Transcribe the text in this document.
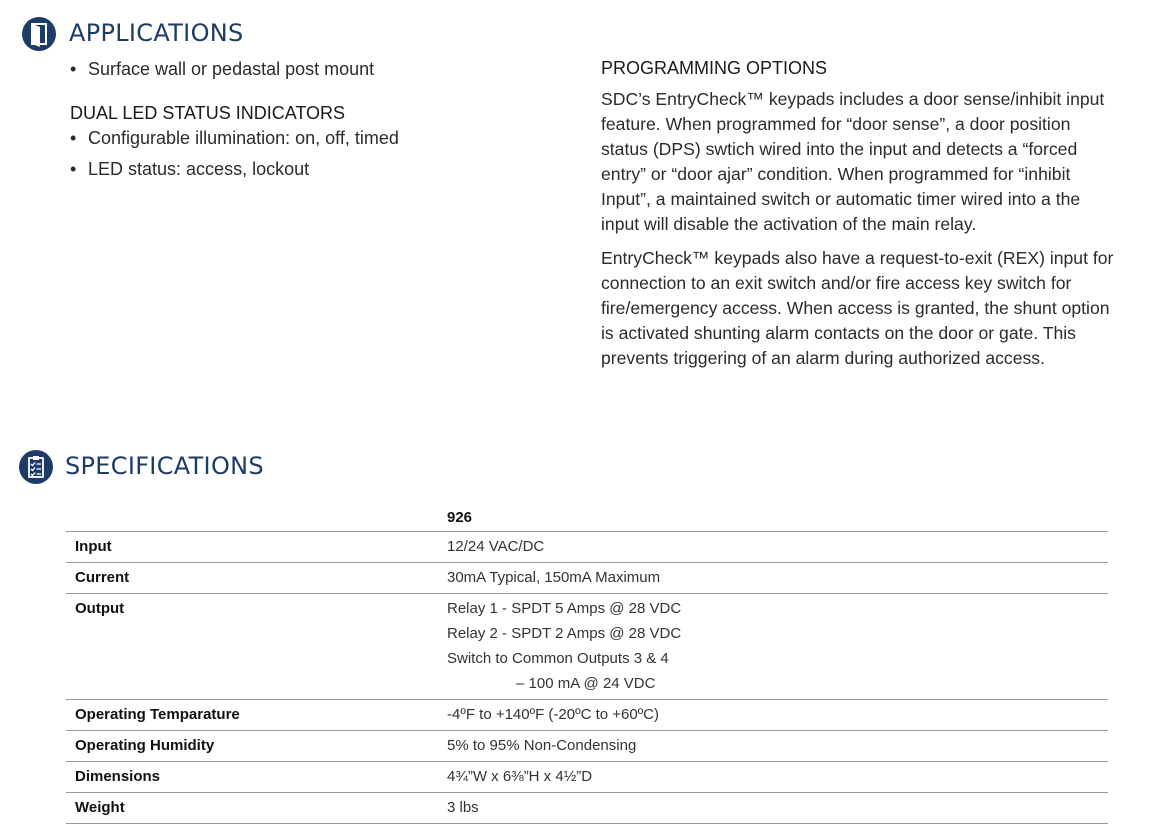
APPLICATIONS
• Surface wall or pedastal post mount
DUAL LED STATUS INDICATORS
• Configurable illumination: on, off, timed
• LED status: access, lockout
PROGRAMMING OPTIONS

SDC’s EntryCheck™ keypads includes a door sense/inhibit input feature. When programmed for “door sense”, a door position status (DPS) swtich wired into the input and detects a “forced entry” or “door ajar” condition. When programmed for “inhibit Input”, a maintained switch or automatic timer wired into a the input will disable the activation of the main relay.

EntryCheck™ keypads also have a request-to-exit (REX) input for connection to an exit switch and/or fire access key switch for fire/emergency access. When access is granted, the shunt option is activated shunting alarm contacts on the door or gate. This prevents triggering of an alarm during authorized access.

SPECIFICATIONS
	926
Input	12/24 VAC/DC

Current	30mA Typical, 150mA Maximum

Output	Relay 1 - SPDT 5 Amps @ 28 VDC
Relay 2 - SPDT 2 Amps @ 28 VDC
Switch to Common Outputs 3 & 4
– 100 mA @ 24 VDC

Operating Temparature	-4ºF to +140ºF (-20ºC to +60ºC)

Operating Humidity	5% to 95% Non-Condensing

Dimensions	4¾”W x 6⅜”H x 4½”D

Weight	3 lbs
